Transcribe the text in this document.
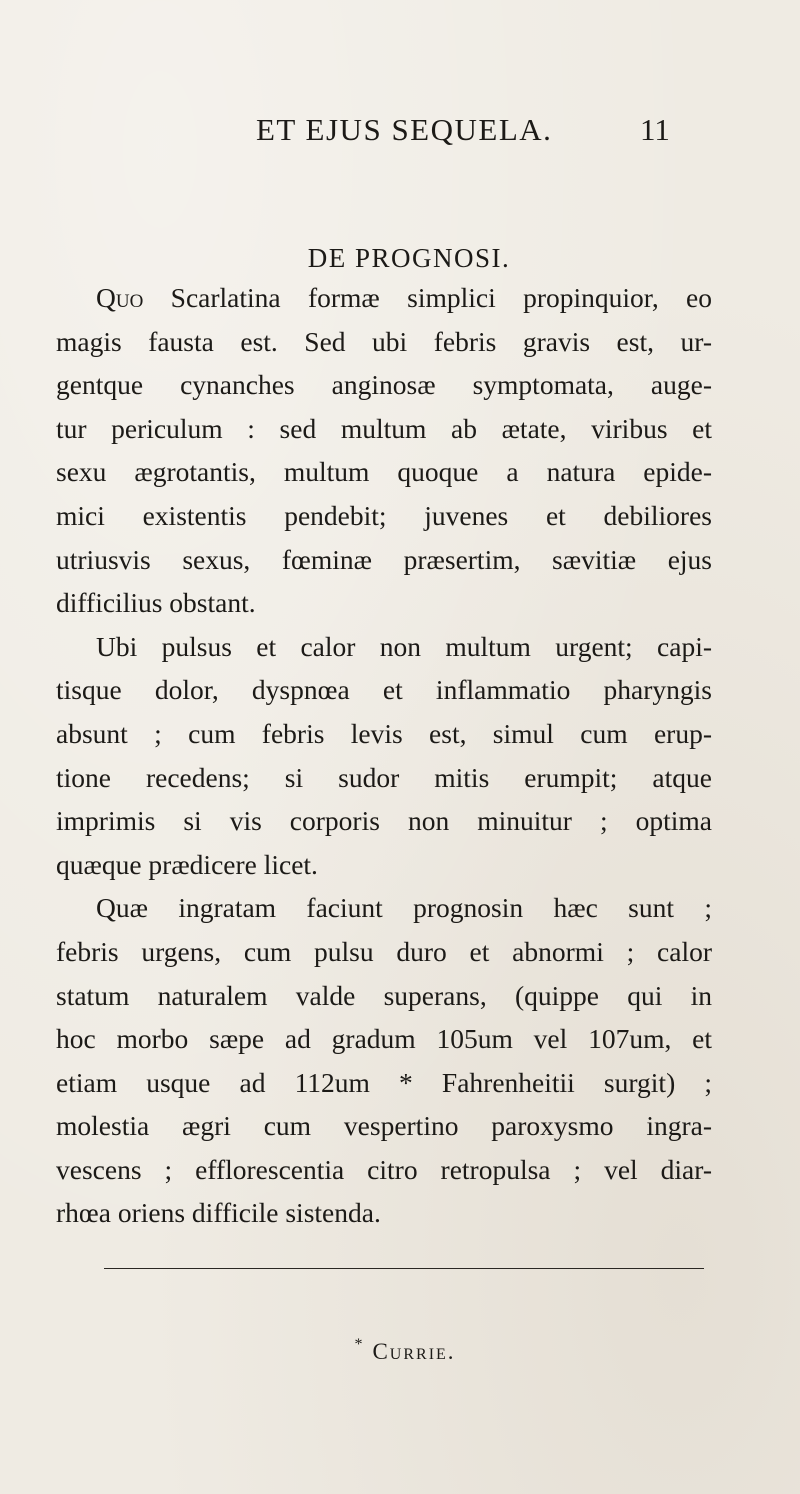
ET EJUS SEQUELA.	11
DE PROGNOSI.
Quo Scarlatina formæ simplici propinquior, eo
magis fausta est. Sed ubi febris gravis est, ur-
gentque cynanches anginosæ symptomata, auge-
tur periculum : sed multum ab ætate, viribus et
sexu ægrotantis, multum quoque a natura epide-
mici existentis pendebit; juvenes et debiliores
utriusvis sexus, fœminæ præsertim, sævitiæ ejus
difficilius obstant.
Ubi pulsus et calor non multum urgent; capi-
tisque dolor, dyspnœa et inflammatio pharyngis
absunt ; cum febris levis est, simul cum erup-
tione recedens; si sudor mitis erumpit; atque
imprimis si vis corporis non minuitur ; optima
quæque prædicere licet.
Quæ ingratam faciunt prognosin hæc sunt ;
febris urgens, cum pulsu duro et abnormi ; calor
statum naturalem valde superans, (quippe qui in
hoc morbo sæpe ad gradum 105um vel 107um, et
etiam usque ad 112um * Fahrenheitii surgit) ;
molestia ægri cum vespertino paroxysmo ingra-
vescens ; efflorescentia citro retropulsa ; vel diar-
rhœa oriens difficile sistenda.
* Currie.
